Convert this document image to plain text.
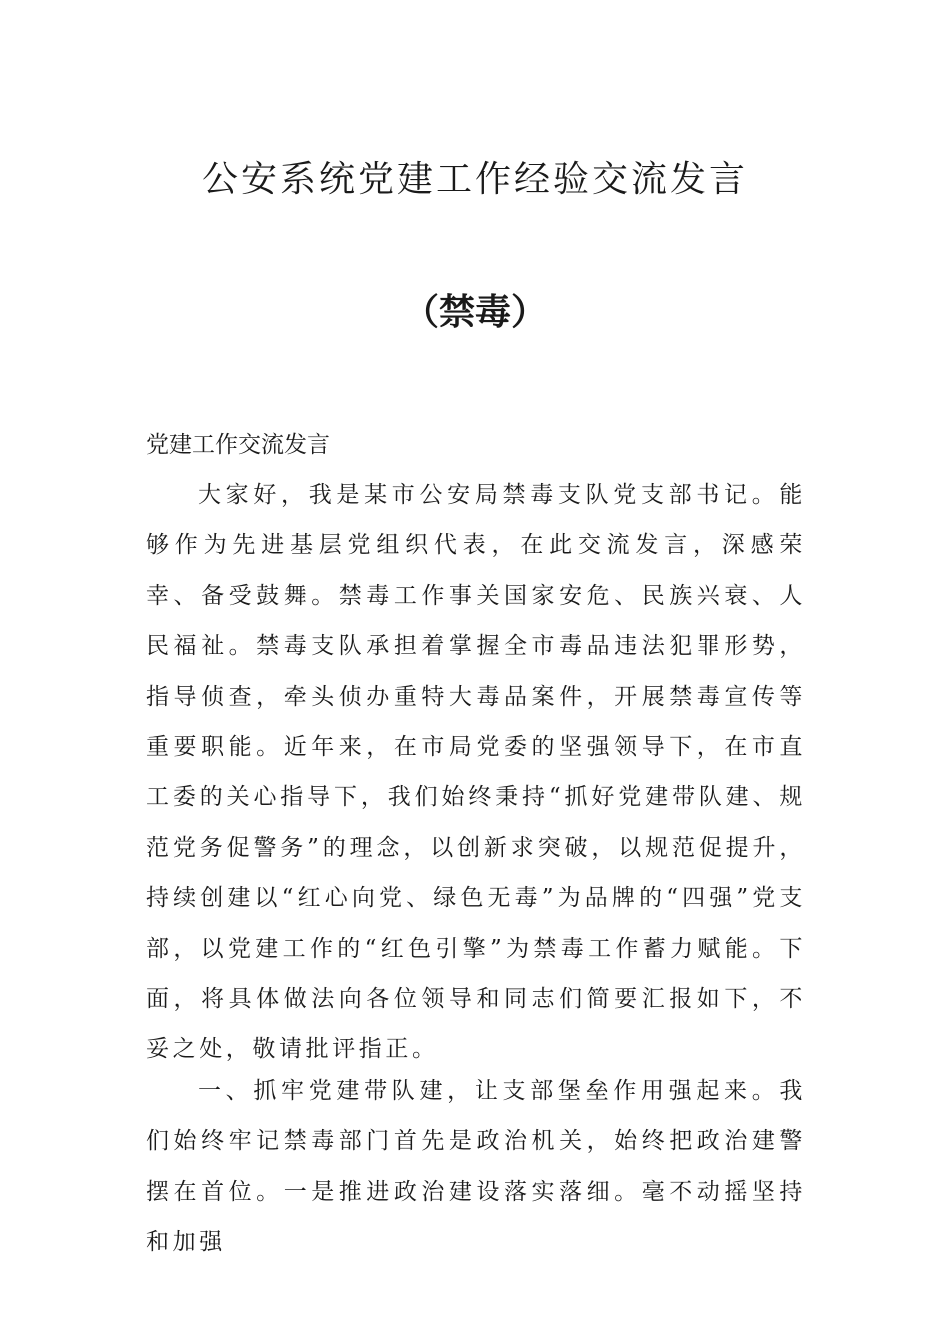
公安系统党建工作经验交流发言
（禁毒）
党建工作交流发言

大家好，我是某市公安局禁毒支队党支部书记。能够作为先进基层党组织代表，在此交流发言，深感荣幸、备受鼓舞。禁毒工作事关国家安危、民族兴衰、人民福祉。禁毒支队承担着掌握全市毒品违法犯罪形势，指导侦查，牵头侦办重特大毒品案件，开展禁毒宣传等重要职能。近年来，在市局党委的坚强领导下，在市直工委的关心指导下，我们始终秉持“抓好党建带队建、规范党务促警务”的理念，以创新求突破，以规范促提升，持续创建以“红心向党、绿色无毒”为品牌的“四强”党支部，以党建工作的“红色引擎”为禁毒工作蓄力赋能。下面，将具体做法向各位领导和同志们简要汇报如下，不妥之处，敬请批评指正。

一、抓牢党建带队建，让支部堡垒作用强起来。我们始终牢记禁毒部门首先是政治机关，始终把政治建警摆在首位。一是推进政治建设落实落细。毫不动摇坚持和加强
